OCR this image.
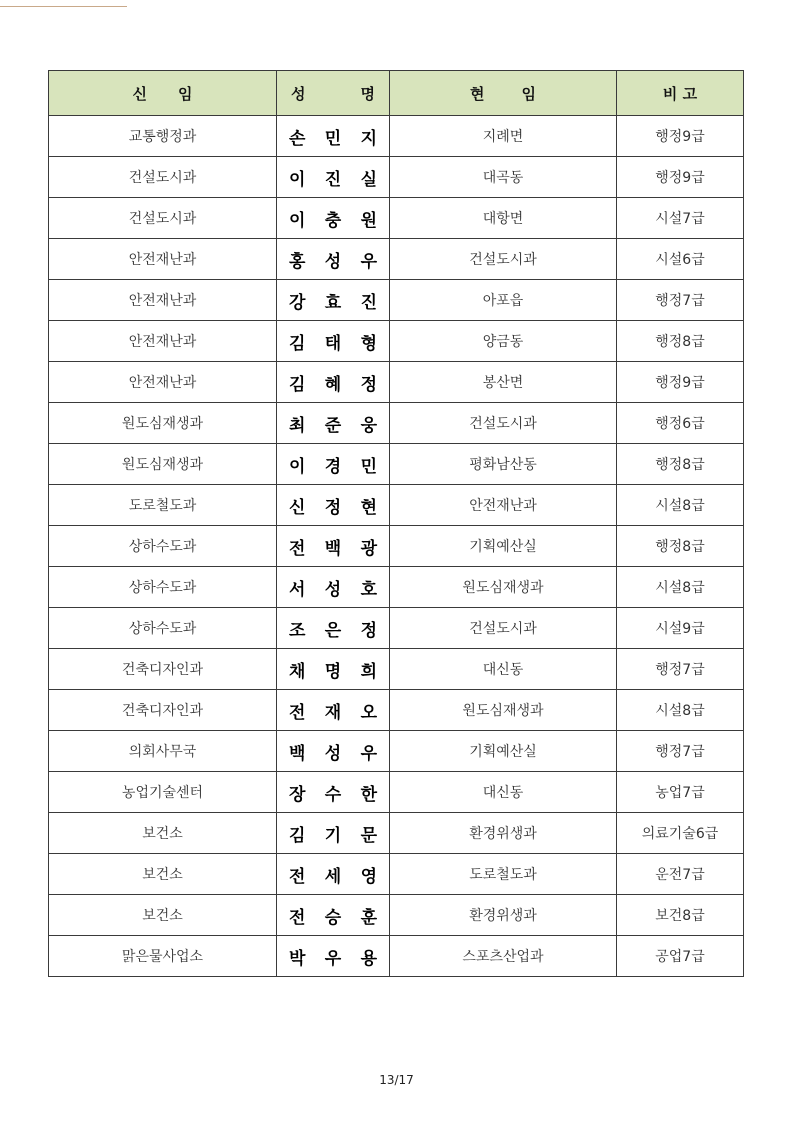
신 임	성 명	현 임	비 고
교통행정과	손 민 지	지례면	행정9급
건설도시과	이 진 실	대곡동	행정9급
건설도시과	이 충 원	대항면	시설7급
안전재난과	홍 성 우	건설도시과	시설6급
안전재난과	강 효 진	아포읍	행정7급
안전재난과	김 태 형	양금동	행정8급
안전재난과	김 혜 정	봉산면	행정9급
원도심재생과	최 준 웅	건설도시과	행정6급
원도심재생과	이 경 민	평화남산동	행정8급
도로철도과	신 정 현	안전재난과	시설8급
상하수도과	전 백 광	기획예산실	행정8급
상하수도과	서 성 호	원도심재생과	시설8급
상하수도과	조 은 정	건설도시과	시설9급
건축디자인과	채 명 희	대신동	행정7급
건축디자인과	전 재 오	원도심재생과	시설8급
의회사무국	백 성 우	기획예산실	행정7급
농업기술센터	장 수 한	대신동	농업7급
보건소	김 기 문	환경위생과	의료기술6급
보건소	전 세 영	도로철도과	운전7급
보건소	전 승 훈	환경위생과	보건8급
맑은물사업소	박 우 용	스포츠산업과	공업7급
13/17
